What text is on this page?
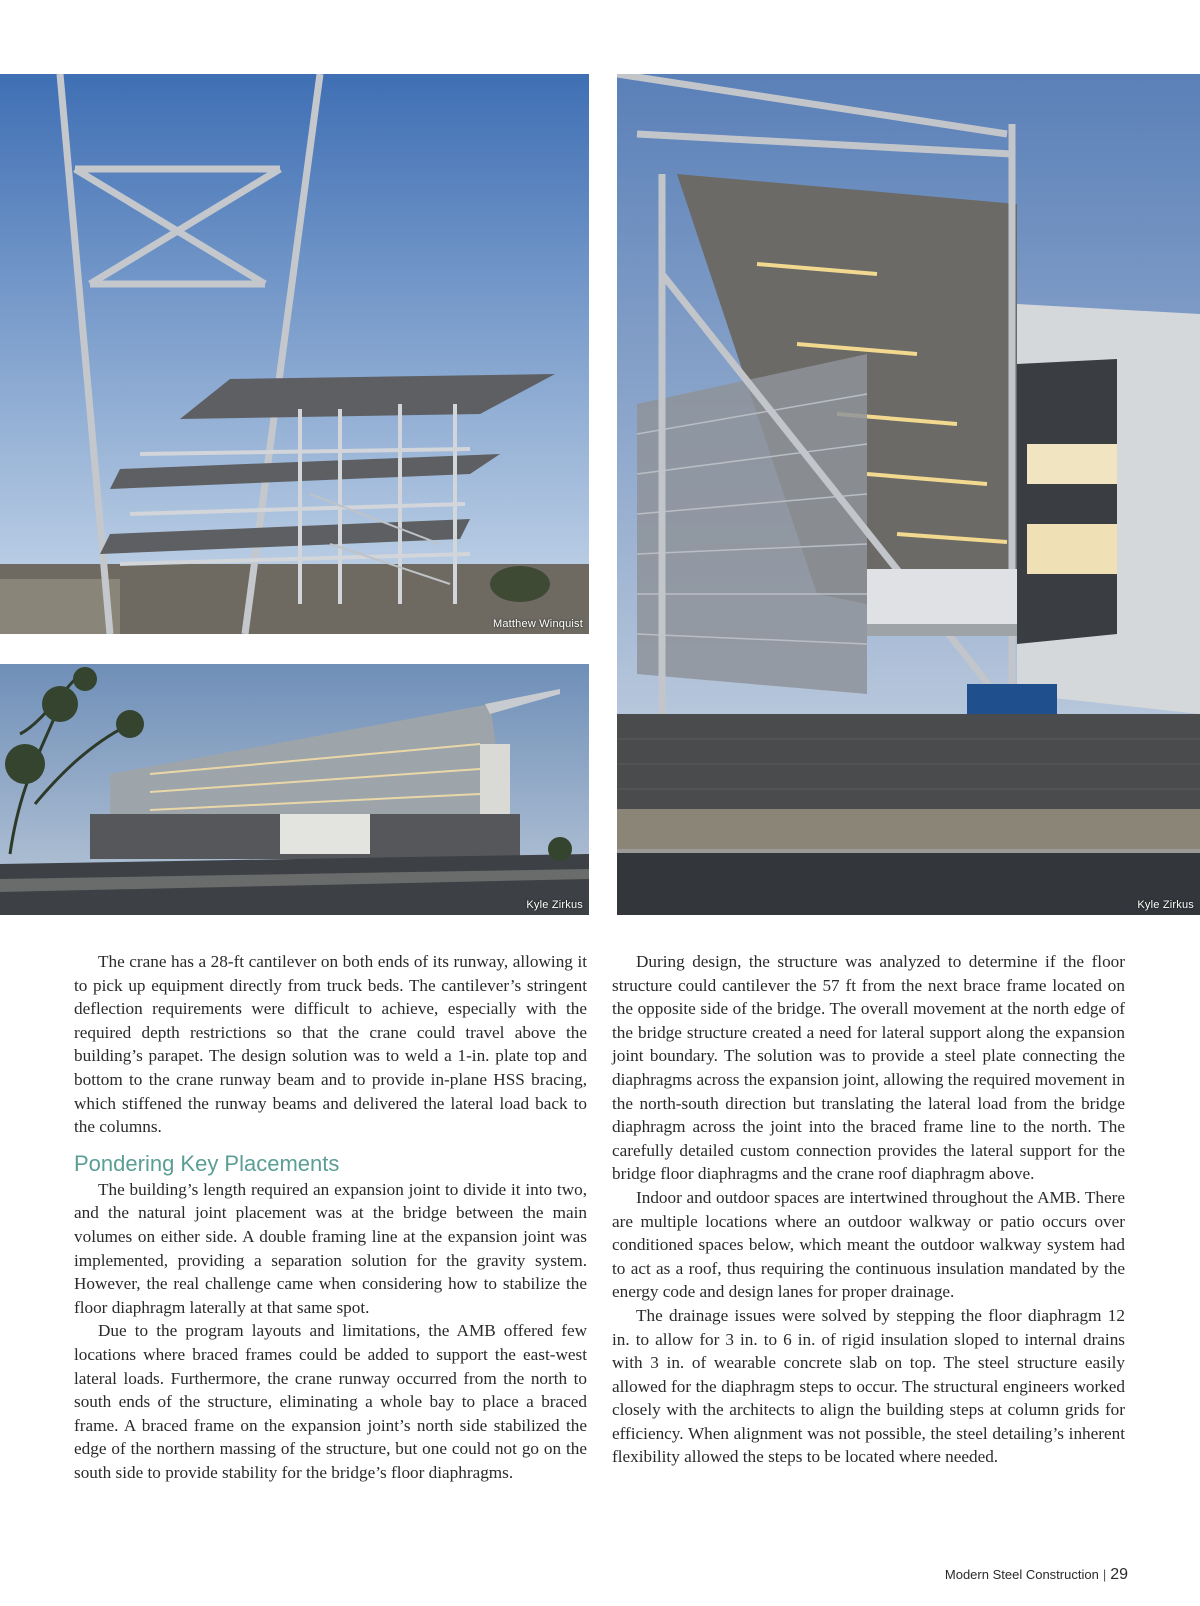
Matthew Winquist
Kyle Zirkus	Kyle Zirkus

The crane has a 28-ft cantilever on both ends of its runway, allowing it to pick up equipment directly from truck beds. The cantilever’s stringent deflection requirements were difficult to achieve, especially with the required depth restrictions so that the crane could travel above the building’s parapet. The design solution was to weld a 1-in. plate top and bottom to the crane runway beam and to provide in-plane HSS bracing, which stiffened the runway beams and delivered the lateral load back to the columns.

Pondering Key Placements

The building’s length required an expansion joint to divide it into two, and the natural joint placement was at the bridge between the main volumes on either side. A double framing line at the expansion joint was implemented, providing a separation solution for the gravity system. However, the real challenge came when considering how to stabilize the floor diaphragm laterally at that same spot.

Due to the program layouts and limitations, the AMB offered few locations where braced frames could be added to support the east-west lateral loads. Furthermore, the crane runway occurred from the north to south ends of the structure, eliminating a whole bay to place a braced frame. A braced frame on the expansion joint’s north side stabilized the edge of the northern massing of the structure, but one could not go on the south side to provide stability for the bridge’s floor diaphragms.

During design, the structure was analyzed to determine if the floor structure could cantilever the 57 ft from the next brace frame located on the opposite side of the bridge. The overall movement at the north edge of the bridge structure created a need for lateral support along the expansion joint boundary. The solution was to provide a steel plate connecting the diaphragms across the expansion joint, allowing the required movement in the north-south direction but translating the lateral load from the bridge diaphragm across the joint into the braced frame line to the north. The carefully detailed custom connection provides the lateral support for the bridge floor diaphragms and the crane roof diaphragm above.

Indoor and outdoor spaces are intertwined throughout the AMB. There are multiple locations where an outdoor walkway or patio occurs over conditioned spaces below, which meant the outdoor walkway system had to act as a roof, thus requiring the continuous insulation mandated by the energy code and design lanes for proper drainage.

The drainage issues were solved by stepping the floor diaphragm 12 in. to allow for 3 in. to 6 in. of rigid insulation sloped to internal drains with 3 in. of wearable concrete slab on top. The steel structure easily allowed for the diaphragm steps to occur. The structural engineers worked closely with the architects to align the building steps at column grids for efficiency. When alignment was not possible, the steel detailing’s inherent flexibility allowed the steps to be located where needed.

Modern Steel Construction | 29
